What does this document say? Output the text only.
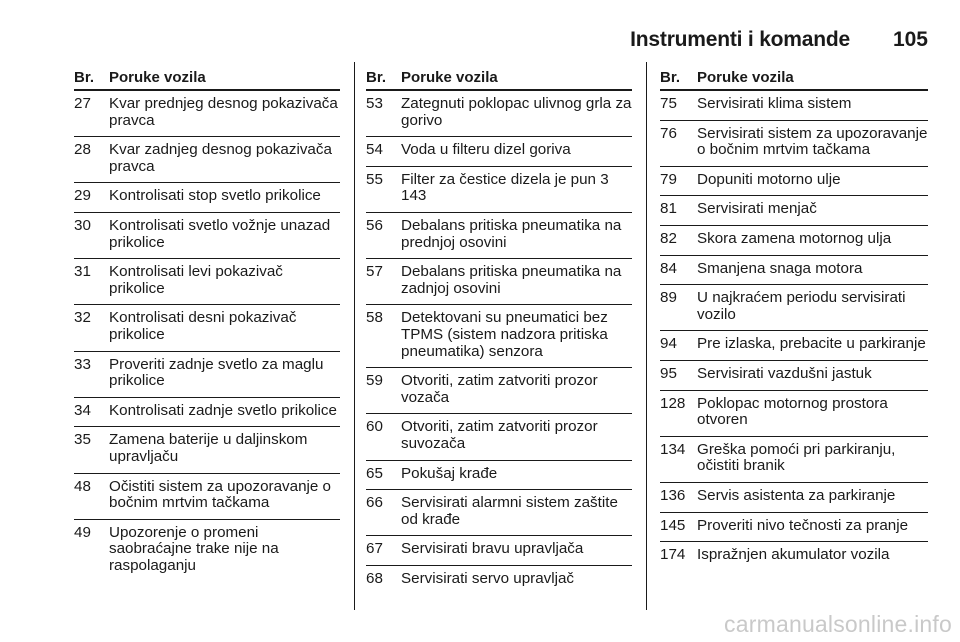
Instrumenti i komande 105
Br. Poruke vozila
27 Kvar prednjeg desnog pokazivača pravca
28 Kvar zadnjeg desnog pokazivača pravca
29 Kontrolisati stop svetlo prikolice
30 Kontrolisati svetlo vožnje unazad prikolice
31 Kontrolisati levi pokazivač prikolice
32 Kontrolisati desni pokazivač prikolice
33 Proveriti zadnje svetlo za maglu prikolice
34 Kontrolisati zadnje svetlo prikolice
35 Zamena baterije u daljinskom upravljaču
48 Očistiti sistem za upozoravanje o bočnim mrtvim tačkama
49 Upozorenje o promeni saobraćajne trake nije na raspolaganju
Br. Poruke vozila
53 Zategnuti poklopac ulivnog grla za gorivo
54 Voda u filteru dizel goriva
55 Filter za čestice dizela je pun 3 143
56 Debalans pritiska pneumatika na prednjoj osovini
57 Debalans pritiska pneumatika na zadnjoj osovini
58 Detektovani su pneumatici bez TPMS (sistem nadzora pritiska pneumatika) senzora
59 Otvoriti, zatim zatvoriti prozor vozača
60 Otvoriti, zatim zatvoriti prozor suvozača
65 Pokušaj krađe
66 Servisirati alarmni sistem zaštite od krađe
67 Servisirati bravu upravljača
68 Servisirati servo upravljač
Br. Poruke vozila
75 Servisirati klima sistem
76 Servisirati sistem za upozoravanje o bočnim mrtvim tačkama
79 Dopuniti motorno ulje
81 Servisirati menjač
82 Skora zamena motornog ulja
84 Smanjena snaga motora
89 U najkraćem periodu servisirati vozilo
94 Pre izlaska, prebacite u parkiranje
95 Servisirati vazdušni jastuk
128 Poklopac motornog prostora otvoren
134 Greška pomoći pri parkiranju, očistiti branik
136 Servis asistenta za parkiranje
145 Proveriti nivo tečnosti za pranje
174 Ispražnjen akumulator vozila
carmanualsonline.info
